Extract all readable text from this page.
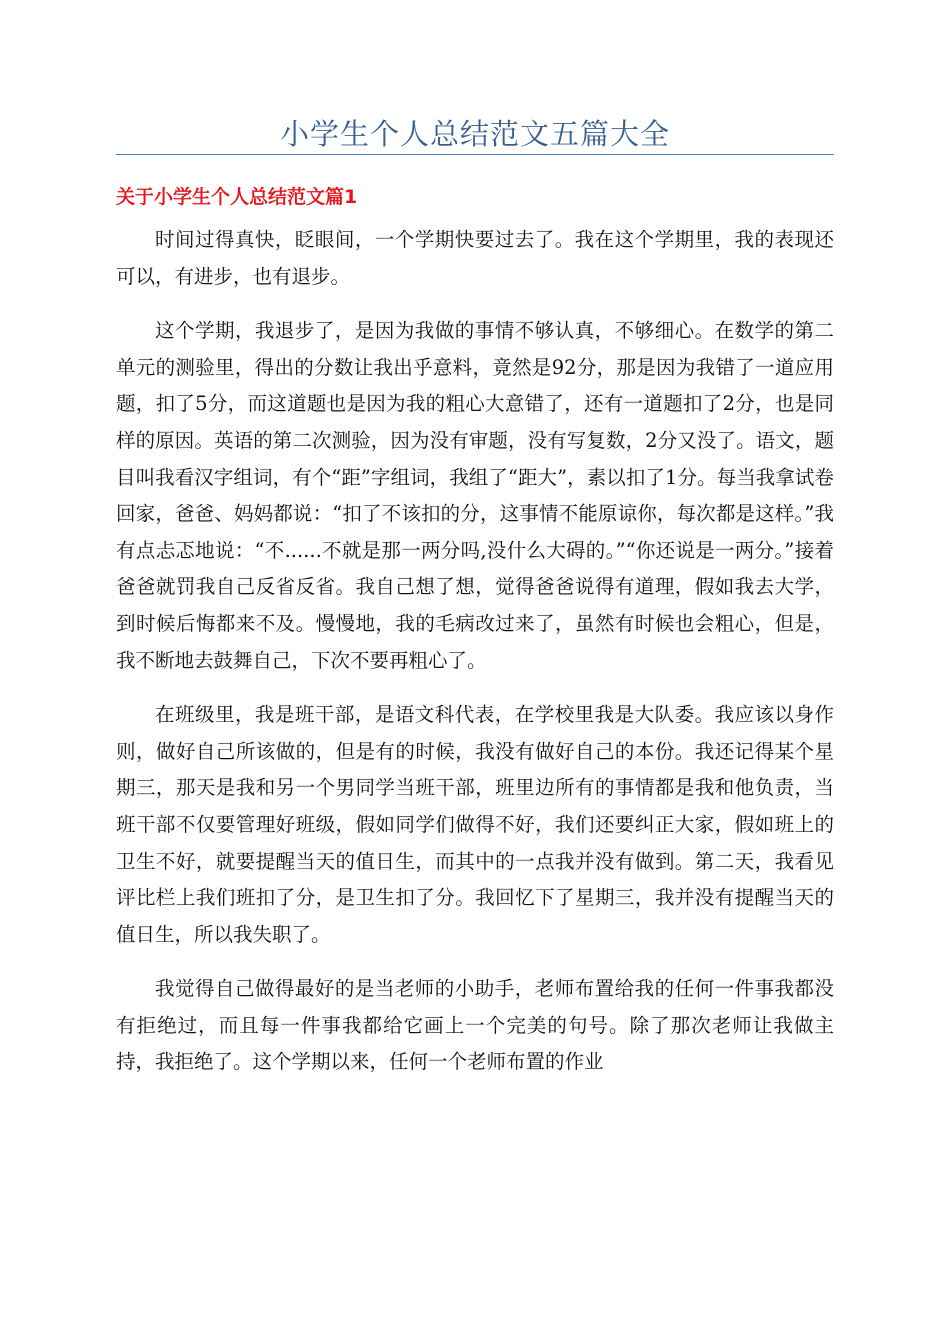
小学生个人总结范文五篇大全
关于小学生个人总结范文篇1

时间过得真快，眨眼间，一个学期快要过去了。我在这个学期里，我的表现还可以，有进步，也有退步。

这个学期，我退步了，是因为我做的事情不够认真，不够细心。在数学的第二单元的测验里，得出的分数让我出乎意料，竟然是92分，那是因为我错了一道应用题，扣了5分，而这道题也是因为我的粗心大意错了，还有一道题扣了2分，也是同样的原因。英语的第二次测验，因为没有审题，没有写复数，2分又没了。语文，题目叫我看汉字组词，有个“距”字组词，我组了“距大”，素以扣了1分。每当我拿试卷回家，爸爸、妈妈都说：“扣了不该扣的分，这事情不能原谅你，每次都是这样。”我有点忐忑地说：“不......不就是那一两分吗,没什么大碍的。”“你还说是一两分。”接着爸爸就罚我自己反省反省。我自己想了想，觉得爸爸说得有道理，假如我去大学，到时候后悔都来不及。慢慢地，我的毛病改过来了，虽然有时候也会粗心，但是，我不断地去鼓舞自己，下次不要再粗心了。

在班级里，我是班干部，是语文科代表，在学校里我是大队委。我应该以身作则，做好自己所该做的，但是有的时候，我没有做好自己的本份。我还记得某个星期三，那天是我和另一个男同学当班干部，班里边所有的事情都是我和他负责，当班干部不仅要管理好班级，假如同学们做得不好，我们还要纠正大家，假如班上的卫生不好，就要提醒当天的值日生，而其中的一点我并没有做到。第二天，我看见评比栏上我们班扣了分，是卫生扣了分。我回忆下了星期三，我并没有提醒当天的值日生，所以我失职了。

我觉得自己做得最好的是当老师的小助手，老师布置给我的任何一件事我都没有拒绝过，而且每一件事我都给它画上一个完美的句号。除了那次老师让我做主持，我拒绝了。这个学期以来，任何一个老师布置的作业
